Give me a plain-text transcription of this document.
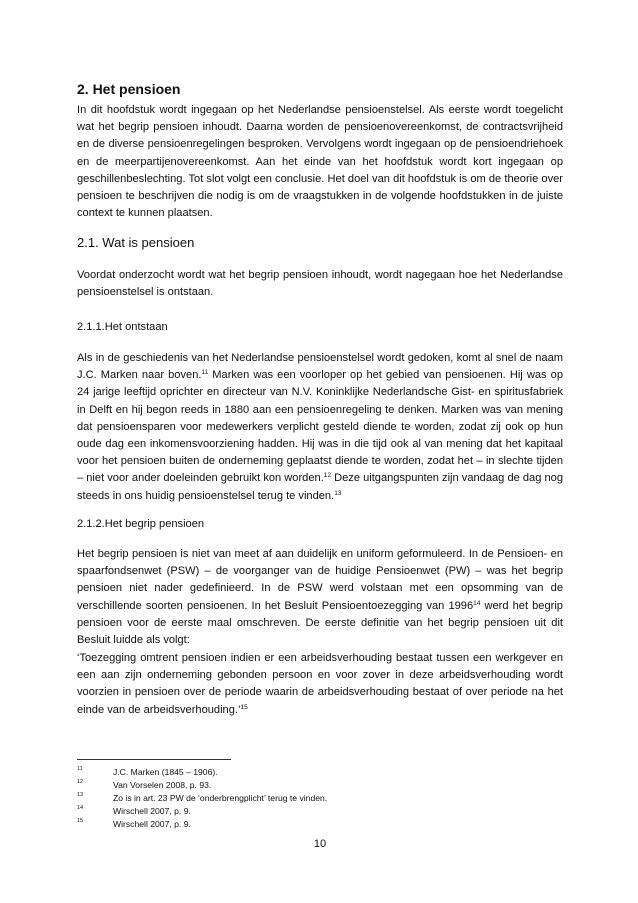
2. Het pensioen

In dit hoofdstuk wordt ingegaan op het Nederlandse pensioenstelsel. Als eerste wordt toegelicht wat het begrip pensioen inhoudt. Daarna worden de pensioenovereenkomst, de contractsvrijheid en de diverse pensioenregelingen besproken. Vervolgens wordt ingegaan op de pensioendriehoek en de meerpartijenovereenkomst. Aan het einde van het hoofdstuk wordt kort ingegaan op geschillenbeslechting. Tot slot volgt een conclusie. Het doel van dit hoofdstuk is om de theorie over pensioen te beschrijven die nodig is om de vraagstukken in de volgende hoofdstukken in de juiste context te kunnen plaatsen.

2.1. Wat is pensioen

Voordat onderzocht wordt wat het begrip pensioen inhoudt, wordt nagegaan hoe het Nederlandse pensioenstelsel is ontstaan.

2.1.1.Het ontstaan

Als in de geschiedenis van het Nederlandse pensioenstelsel wordt gedoken, komt al snel de naam J.C. Marken naar boven.$^{11}$ Marken was een voorloper op het gebied van pensioenen. Hij was op 24 jarige leeftijd oprichter en directeur van N.V. Koninklijke Nederlandsche Gist- en spiritusfabriek in Delft en hij begon reeds in 1880 aan een pensioenregeling te denken. Marken was van mening dat pensioensparen voor medewerkers verplicht gesteld diende te worden, zodat zij ook op hun oude dag een inkomensvoorziening hadden. Hij was in die tijd ook al van mening dat het kapitaal voor het pensioen buiten de onderneming geplaatst diende te worden, zodat het – in slechte tijden – niet voor ander doeleinden gebruikt kon worden.$^{12}$ Deze uitgangspunten zijn vandaag de dag nog steeds in ons huidig pensioenstelsel terug te vinden.$^{13}$

2.1.2.Het begrip pensioen

Het begrip pensioen is niet van meet af aan duidelijk en uniform geformuleerd. In de Pensioen- en spaarfondsenwet (PSW) – de voorganger van de huidige Pensioenwet (PW) – was het begrip pensioen niet nader gedefinieerd. In de PSW werd volstaan met een opsomming van de verschillende soorten pensioenen. In het Besluit Pensioentoezegging van 1996$^{14}$ werd het begrip pensioen voor de eerste maal omschreven. De eerste definitie van het begrip pensioen uit dit Besluit luidde als volgt:

‘Toezegging omtrent pensioen indien er een arbeidsverhouding bestaat tussen een werkgever en een aan zijn onderneming gebonden persoon en voor zover in deze arbeidsverhouding wordt voorzien in pensioen over de periode waarin de arbeidsverhouding bestaat of over periode na het einde van de arbeidsverhouding.’$^{15}$

11	J.C. Marken (1845 – 1906).
12	Van Vorselen 2008, p. 93.
13	Zo is in art. 23 PW de ‘onderbrengplicht’ terug te vinden.
14	Wirschell 2007, p. 9.
15	Wirschell 2007, p. 9.
10
